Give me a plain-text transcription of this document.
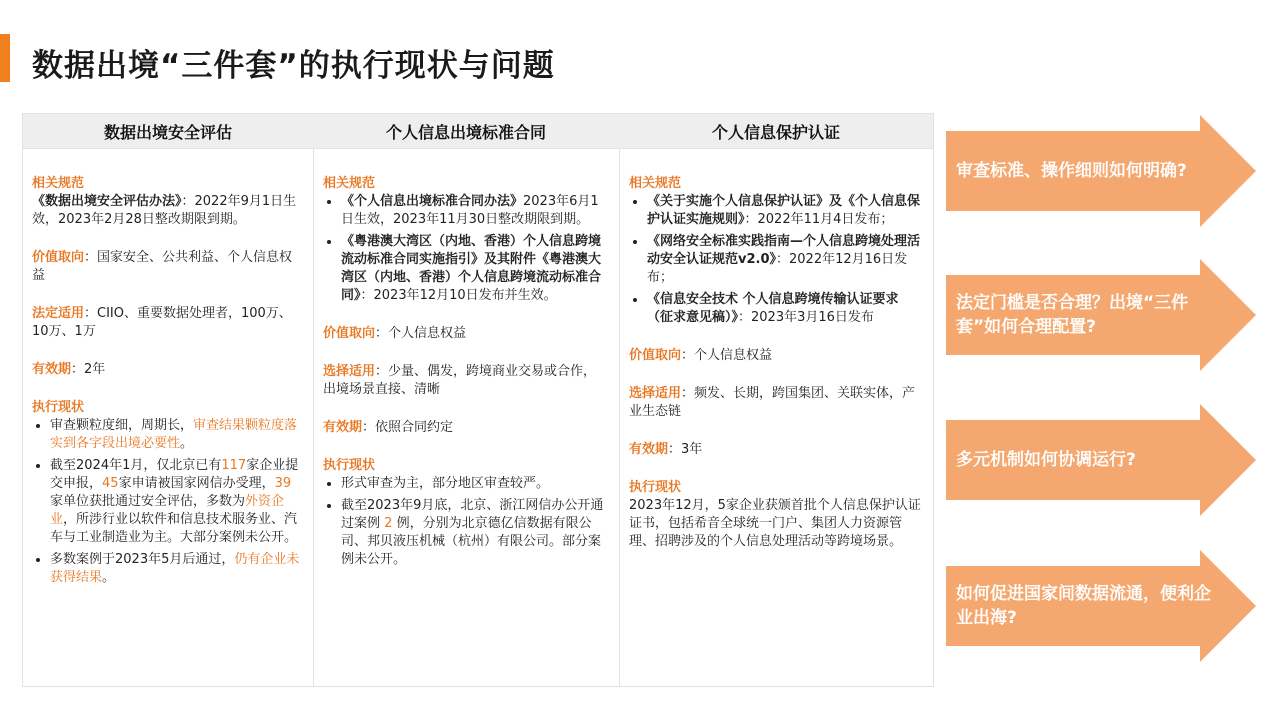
数据出境“三件套”的执行现状与问题
数据出境安全评估	个人信息出境标准合同	个人信息保护认证
相关规范
《数据出境安全评估办法》：2022年9月1日生效，2023年2月28日整改期限到期。
价值取向：国家安全、公共利益、个人信息权益
法定适用：CIIO、重要数据处理者，100万、10万、1万
有效期：2年
执行现状
• 审查颗粒度细，周期长，审查结果颗粒度落实到各字段出境必要性。
• 截至2024年1月，仅北京已有117家企业提交申报，45家申请被国家网信办受理，39家单位获批通过安全评估，多数为外资企业，所涉行业以软件和信息技术服务业、汽车与工业制造业为主。大部分案例未公开。
• 多数案例于2023年5月后通过，仍有企业未获得结果。
相关规范
• 《个人信息出境标准合同办法》2023年6月1日生效，2023年11月30日整改期限到期。
• 《粤港澳大湾区（内地、香港）个人信息跨境流动标准合同实施指引》及其附件《粤港澳大湾区（内地、香港）个人信息跨境流动标准合同》：2023年12月10日发布并生效。
价值取向：个人信息权益
选择适用：少量、偶发，跨境商业交易或合作，出境场景直接、清晰
有效期：依照合同约定
执行现状
• 形式审查为主，部分地区审查较严。
• 截至2023年9月底，北京、浙江网信办公开通过案例 2 例，分别为北京德亿信数据有限公司、邦贝液压机械（杭州）有限公司。部分案例未公开。
相关规范
• 《关于实施个人信息保护认证》及《个人信息保护认证实施规则》：2022年11月4日发布；
• 《网络安全标准实践指南—个人信息跨境处理活动安全认证规范v2.0》：2022年12月16日发布；
• 《信息安全技术 个人信息跨境传输认证要求（征求意见稿）》：2023年3月16日发布
价值取向：个人信息权益
选择适用：频发、长期，跨国集团、关联实体，产业生态链
有效期：3年
执行现状
2023年12月，5家企业获颁首批个人信息保护认证证书，包括希音全球统一门户、集团人力资源管理、招聘涉及的个人信息处理活动等跨境场景。
审查标准、操作细则如何明确?
法定门槛是否合理？出境“三件套”如何合理配置?
多元机制如何协调运行?
如何促进国家间数据流通，便利企业出海?
